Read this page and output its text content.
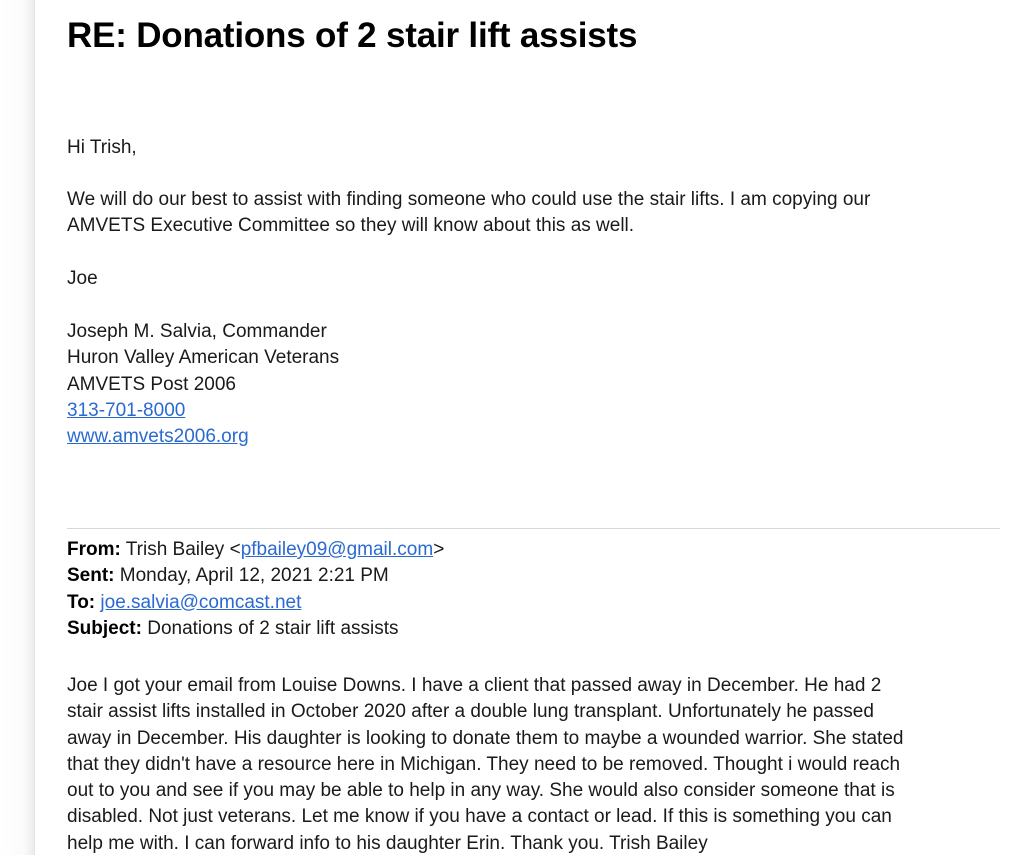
RE: Donations of 2 stair lift assists
Hi Trish,
We will do our best to assist with finding someone who could use the stair lifts. I am copying our
AMVETS Executive Committee so they will know about this as well.
Joe
Joseph M. Salvia, Commander
Huron Valley American Veterans
AMVETS Post 2006
313-701-8000
www.amvets2006.org
From: Trish Bailey <pfbailey09@gmail.com>
Sent: Monday, April 12, 2021 2:21 PM
To: joe.salvia@comcast.net
Subject: Donations of 2 stair lift assists
Joe I got your email from Louise Downs. I have a client that passed away in December. He had 2
stair assist lifts installed in October 2020 after a double lung transplant. Unfortunately he passed
away in December. His daughter is looking to donate them to maybe a wounded warrior. She stated
that they didn't have a resource here in Michigan. They need to be removed. Thought i would reach
out to you and see if you may be able to help in any way. She would also consider someone that is
disabled. Not just veterans. Let me know if you have a contact or lead. If this is something you can
help me with. I can forward info to his daughter Erin. Thank you. Trish Bailey
